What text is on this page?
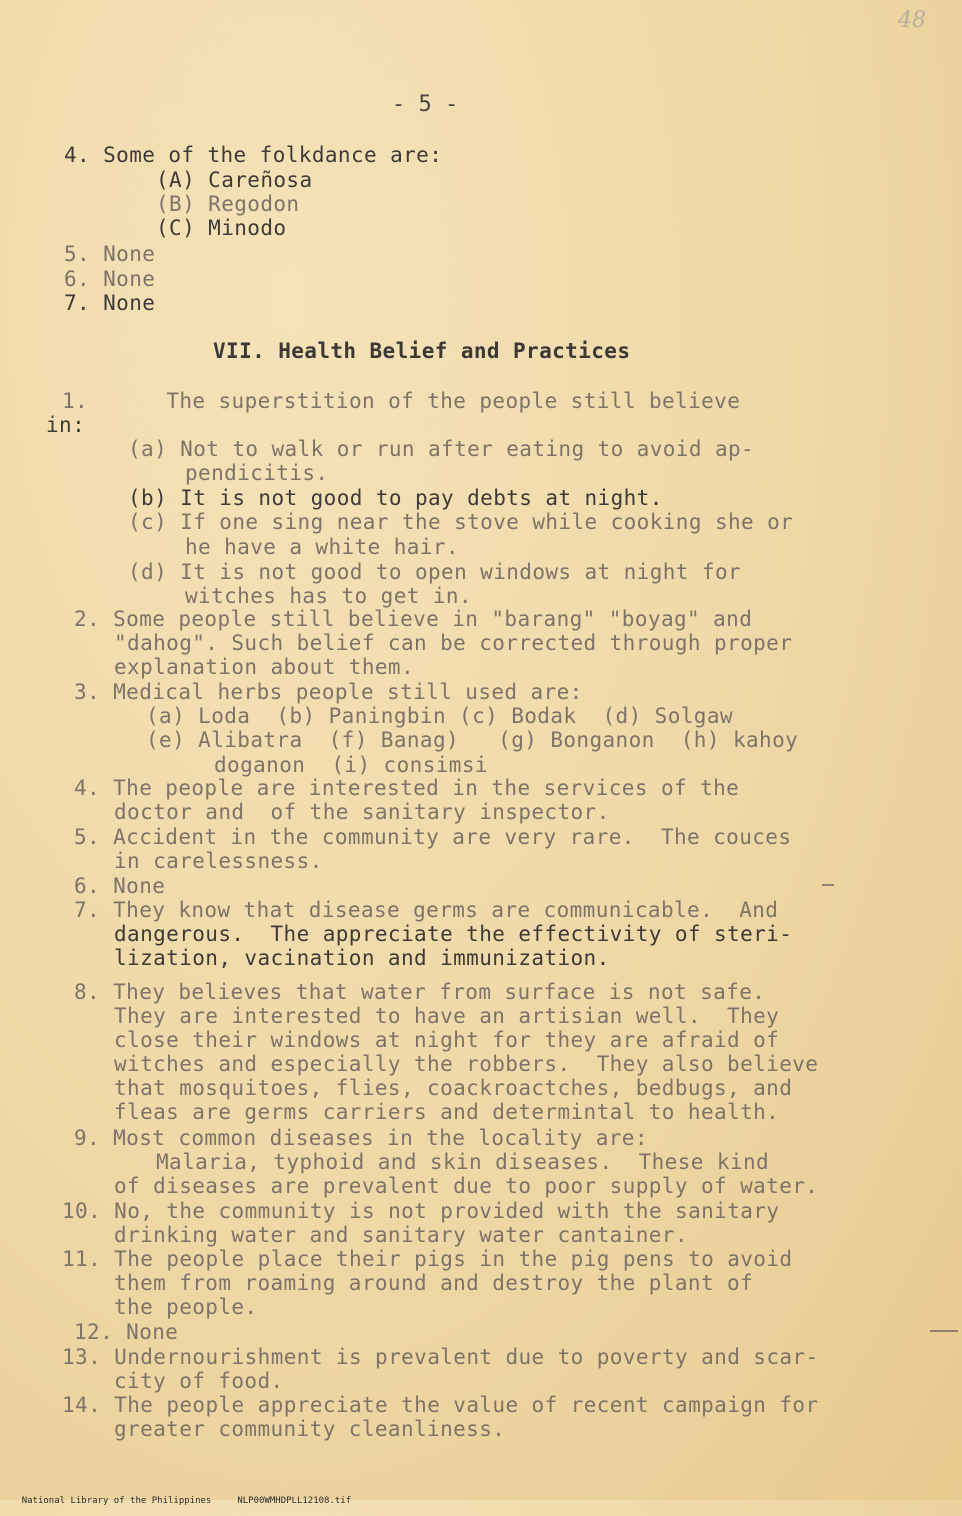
48
- 5 -
4. Some of the folkdance are:
(A) Careñosa
(B) Regodon
(C) Minodo
5. None
6. None
7. None
VII. Health Belief and Practices
1.      The superstition of the people still believe
in:
(a) Not to walk or run after eating to avoid ap-
pendicitis.
(b) It is not good to pay debts at night.
(c) If one sing near the stove while cooking she or
he have a white hair.
(d) It is not good to open windows at night for
witches has to get in.
2. Some people still believe in "barang" "boyag" and
"dahog". Such belief can be corrected through proper
explanation about them.
3. Medical herbs people still used are:
(a) Loda  (b) Paningbin (c) Bodak  (d) Solgaw
(e) Alibatra  (f) Banag)   (g) Bonganon  (h) kahoy
doganon  (i) consimsi
4. The people are interested in the services of the
doctor and  of the sanitary inspector.
5. Accident in the community are very rare.  The couces
in carelessness.
6. None
7. They know that disease germs are communicable.  And
dangerous.  The appreciate the effectivity of steri-
lization, vacination and immunization.
8. They believes that water from surface is not safe.
They are interested to have an artisian well.  They
close their windows at night for they are afraid of
witches and especially the robbers.  They also believe
that mosquitoes, flies, coackroactches, bedbugs, and
fleas are germs carriers and determintal to health.
9. Most common diseases in the locality are:
Malaria, typhoid and skin diseases.  These kind
of diseases are prevalent due to poor supply of water.
10. No, the community is not provided with the sanitary
drinking water and sanitary water cantainer.
11. The people place their pigs in the pig pens to avoid
them from roaming around and destroy the plant of
the people.
12. None
13. Undernourishment is prevalent due to poverty and scar-
city of food.
14. The people appreciate the value of recent campaign for
greater community cleanliness.

National Library of the Philippines	NLP00WMHDPLL12108.tif
